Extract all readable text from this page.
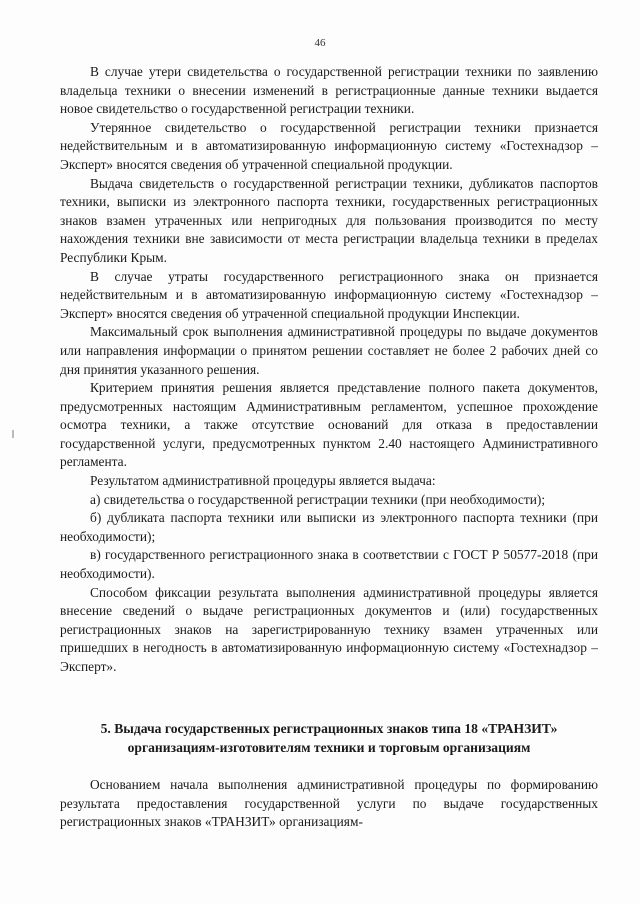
46

В случае утери свидетельства о государственной регистрации техники по заявлению владельца техники о внесении изменений в регистрационные данные техники выдается новое свидетельство о государственной регистрации техники.

Утерянное свидетельство о государственной регистрации техники признается недействительным и в автоматизированную информационную систему «Гостехнадзор – Эксперт» вносятся сведения об утраченной специальной продукции.

Выдача свидетельств о государственной регистрации техники, дубликатов паспортов техники, выписки из электронного паспорта техники, государственных регистрационных знаков взамен утраченных или непригодных для пользования производится по месту нахождения техники вне зависимости от места регистрации владельца техники в пределах Республики Крым.

В случае утраты государственного регистрационного знака он признается недействительным и в автоматизированную информационную систему «Гостехнадзор – Эксперт» вносятся сведения об утраченной специальной продукции Инспекции.

Максимальный срок выполнения административной процедуры по выдаче документов или направления информации о принятом решении составляет не более 2 рабочих дней со дня принятия указанного решения.

Критерием принятия решения является представление полного пакета документов, предусмотренных настоящим Административным регламентом, успешное прохождение осмотра техники, а также отсутствие оснований для отказа в предоставлении государственной услуги, предусмотренных пунктом 2.40 настоящего Административного регламента.

Результатом административной процедуры является выдача:

а) свидетельства о государственной регистрации техники (при необходимости);

б) дубликата паспорта техники или выписки из электронного паспорта техники (при необходимости);

в) государственного регистрационного знака в соответствии с ГОСТ Р 50577-2018 (при необходимости).

Способом фиксации результата выполнения административной процедуры является внесение сведений о выдаче регистрационных документов и (или) государственных регистрационных знаков на зарегистрированную технику взамен утраченных или пришедших в негодность в автоматизированную информационную систему «Гостехнадзор – Эксперт».

5. Выдача государственных регистрационных знаков типа 18 «ТРАНЗИТ» организациям-изготовителям техники и торговым организациям

Основанием начала выполнения административной процедуры по формированию результата предоставления государственной услуги по выдаче государственных регистрационных знаков «ТРАНЗИТ» организациям-
